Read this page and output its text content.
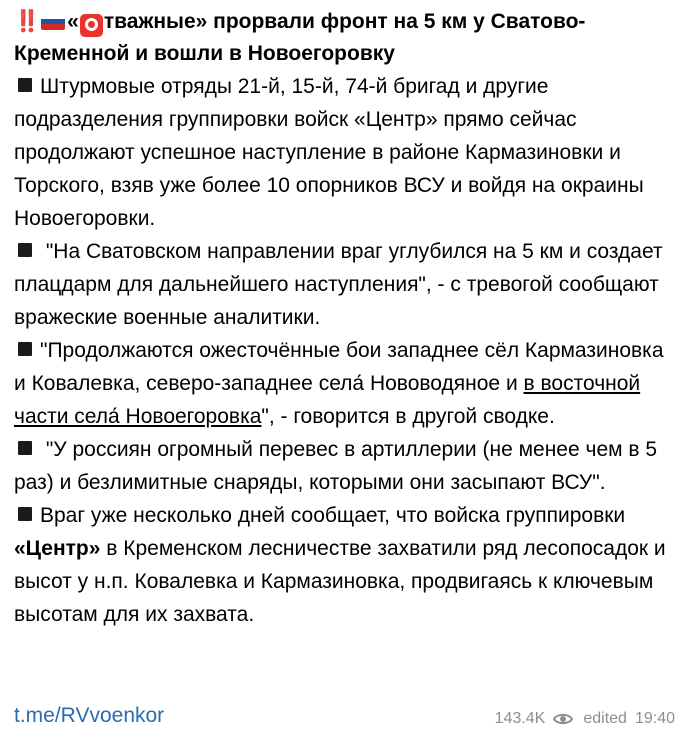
‼️ « тважные» прорвали фронт на 5 км у Сватово-Кременной и вошли в Новоегоровку

Штурмовые отряды 21-й, 15-й, 74-й бригад и другие подразделения группировки войск «Центр» прямо сейчас продолжают успешное наступление в районе Кармазиновки и Торского, взяв уже более 10 опорников ВСУ и войдя на окраины Новоегоровки.

"На Сватовском направлении враг углубился на 5 км и создает плацдарм для дальнейшего наступления", - с тревогой сообщают вражеские военные аналитики.

"Продолжаются ожесточённые бои западнее сёл Кармазиновка и Ковалевка, северо-западнее села́ Нововодяное и в восточной части села́ Новоегоровка", - говорится в другой сводке.

"У россиян огромный перевес в артиллерии (не менее чем в 5 раз) и безлимитные снаряды, которыми они засыпают ВСУ".

Враг уже несколько дней сообщает, что войска группировки «Центр» в Кременском лесничестве захватили ряд лесопосадок и высот у н.п. Ковалевка и Кармазиновка, продвигаясь к ключевым высотам для их захвата.

t.me/RVvoenkor	143.4K edited 19:40
